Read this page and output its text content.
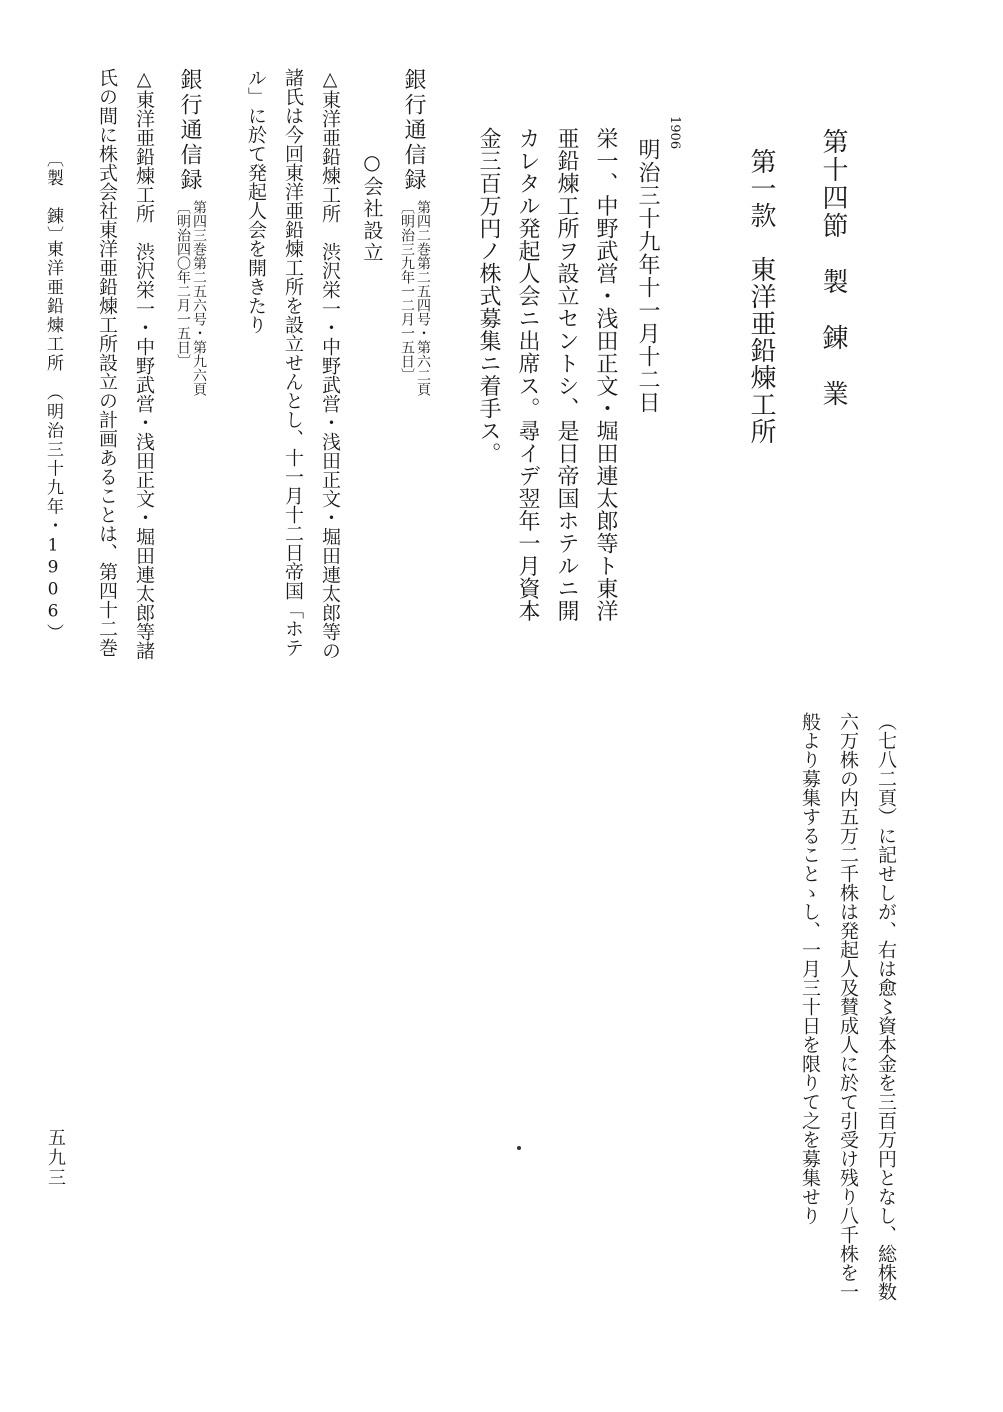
第十四節　製　錬　業
第一款　東洋亜鉛煉工所
1906
明治三十九年十一月十二日
栄一、中野武営・浅田正文・堀田連太郎等ト東洋
亜鉛煉工所ヲ設立セントシ、是日帝国ホテルニ開
カレタル発起人会ニ出席ス。尋イデ翌年一月資本
金三百万円ノ株式募集ニ着手ス。
銀行通信録
第四二巻第二五四号・第六二頁
〔明治三九年一二月一五日〕
○会社設立
△東洋亜鉛煉工所　渋沢栄一・中野武営・浅田正文・堀田連太郎等の
諸氏は今回東洋亜鉛煉工所を設立せんとし、十一月十二日帝国「ホテ
ル」に於て発起人会を開きたり
銀行通信録
第四三巻第二五六号・第九六頁
〔明治四〇年二月一五日〕
△東洋亜鉛煉工所　渋沢栄一・中野武営・浅田正文・堀田連太郎等諸
氏の間に株式会社東洋亜鉛煉工所設立の計画あることは、第四十二巻
〔製　錬〕
東洋亜鉛煉工所　（明治三十九年・1906）
（七八二頁）に記せしが、右は愈〻資本金を三百万円となし、総株数
六万株の内五万二千株は発起人及賛成人に於て引受け残り八千株を一
般より募集することゝし、一月三十日を限りて之を募集せり
五九三
